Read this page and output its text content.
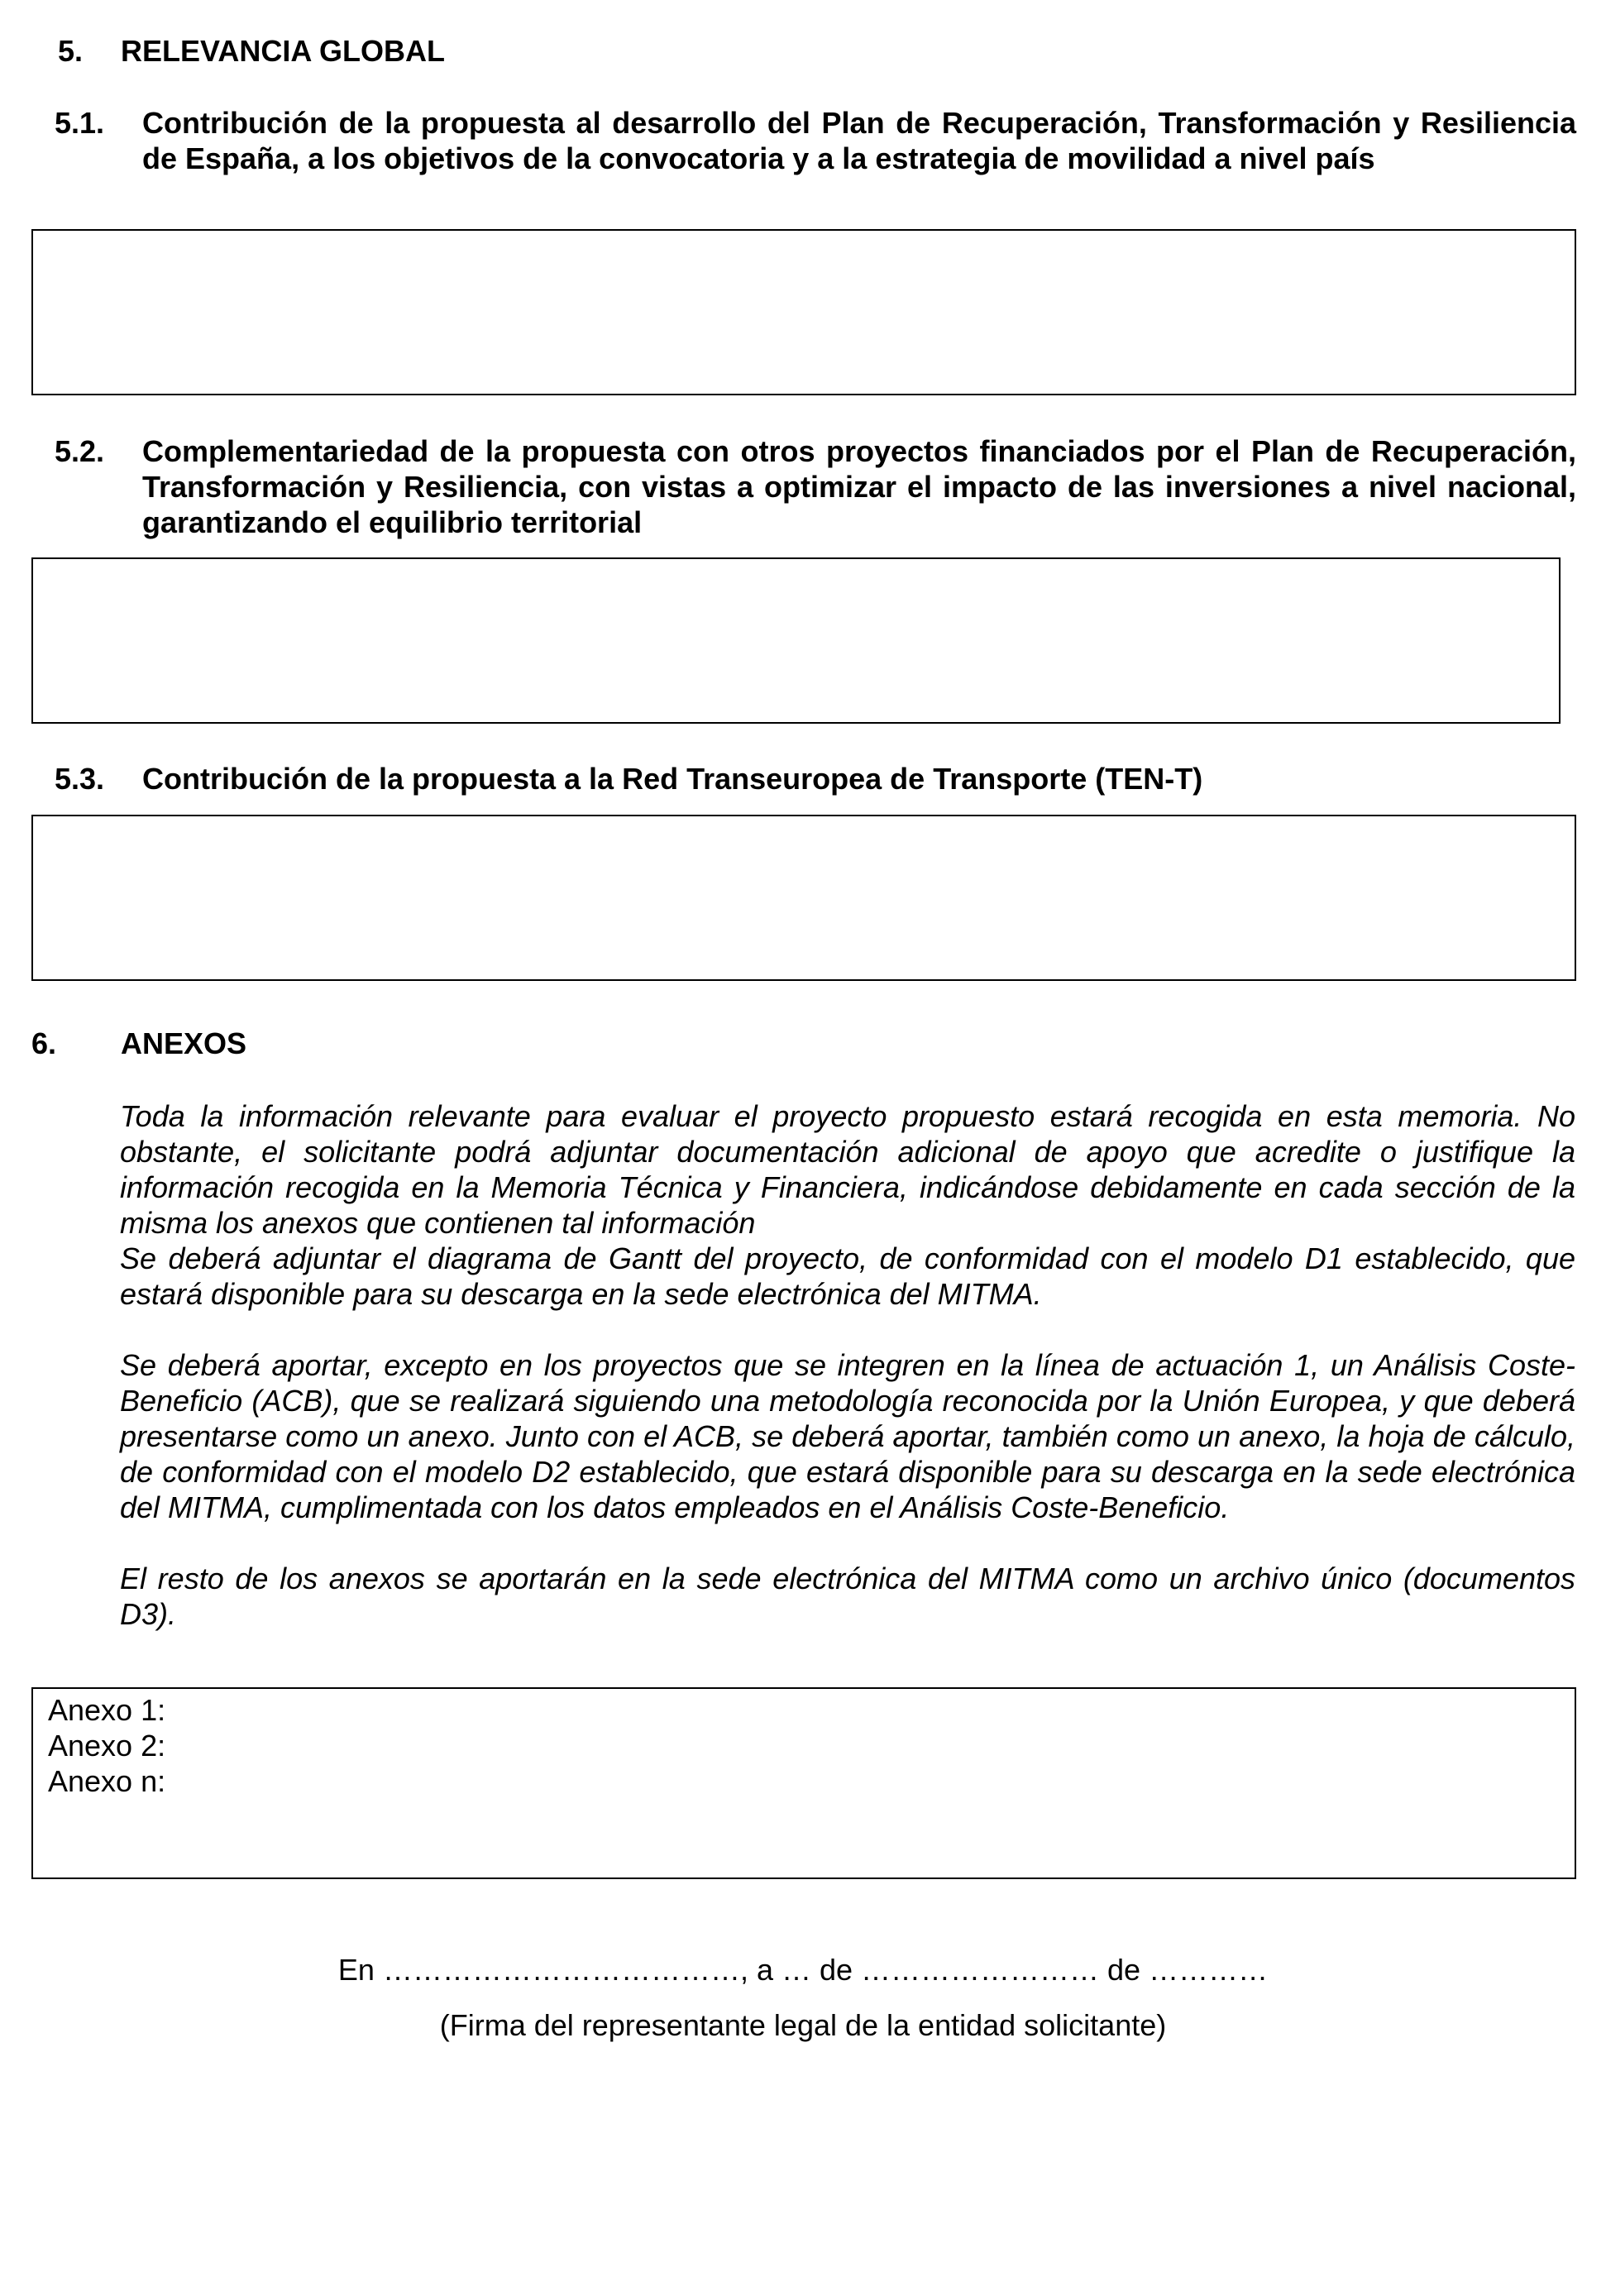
5. RELEVANCIA GLOBAL
5.1. Contribución de la propuesta al desarrollo del Plan de Recuperación, Transformación y Resiliencia de España, a los objetivos de la convocatoria y a la estrategia de movilidad a nivel país
5.2. Complementariedad de la propuesta con otros proyectos financiados por el Plan de Recuperación, Transformación y Resiliencia, con vistas a optimizar el impacto de las inversiones a nivel nacional, garantizando el equilibrio territorial
5.3. Contribución de la propuesta a la Red Transeuropea de Transporte (TEN-T)
6. ANEXOS

Toda la información relevante para evaluar el proyecto propuesto estará recogida en esta memoria. No obstante, el solicitante podrá adjuntar documentación adicional de apoyo que acredite o justifique la información recogida en la Memoria Técnica y Financiera, indicándose debidamente en cada sección de la misma los anexos que contienen tal información

Se deberá adjuntar el diagrama de Gantt del proyecto, de conformidad con el modelo D1 establecido, que estará disponible para su descarga en la sede electrónica del MITMA.

Se deberá aportar, excepto en los proyectos que se integren en la línea de actuación 1, un Análisis Coste-Beneficio (ACB), que se realizará siguiendo una metodología reconocida por la Unión Europea, y que deberá presentarse como un anexo. Junto con el ACB, se deberá aportar, también como un anexo, la hoja de cálculo, de conformidad con el modelo D2 establecido, que estará disponible para su descarga en la sede electrónica del MITMA, cumplimentada con los datos empleados en el Análisis Coste-Beneficio.

El resto de los anexos se aportarán en la sede electrónica del MITMA como un archivo único (documentos D3).

Anexo 1:
Anexo 2:
Anexo n:
En ………………………………, a … de …………………… de …………
(Firma del representante legal de la entidad solicitante)
